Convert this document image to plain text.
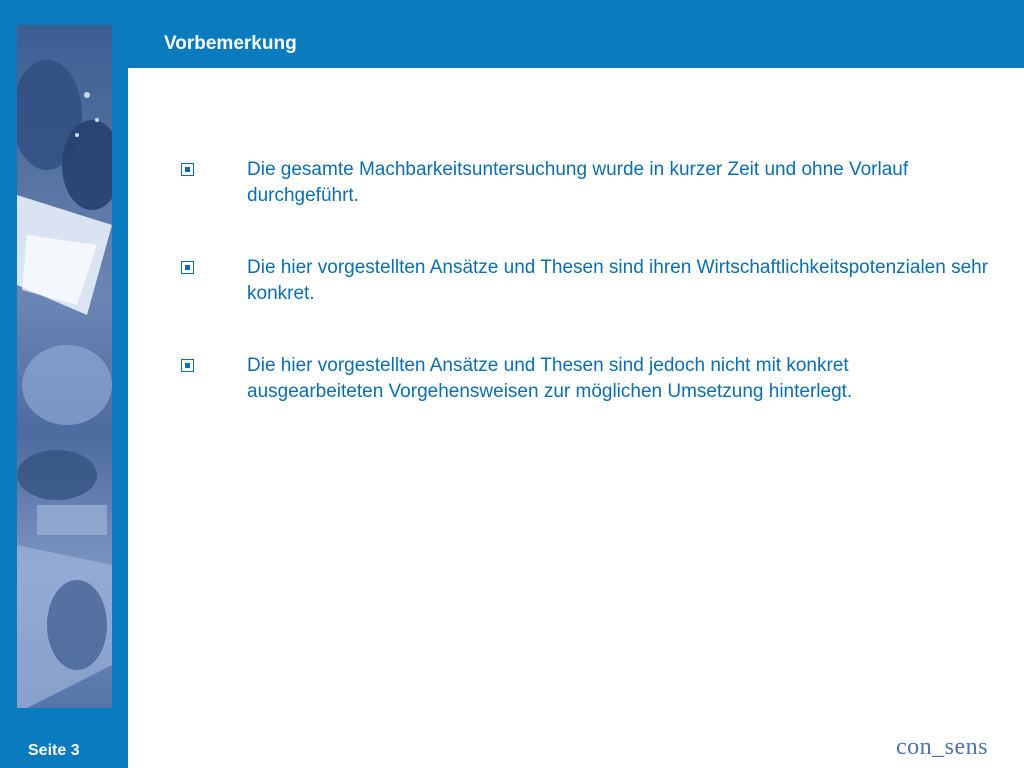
Vorbemerkung
Die gesamte Machbarkeitsuntersuchung wurde in kurzer Zeit und ohne Vorlauf durchgeführt.
Die hier vorgestellten Ansätze und Thesen sind ihren Wirtschaftlichkeitspotenzialen sehr konkret.
Die hier vorgestellten Ansätze und Thesen sind jedoch nicht mit konkret ausgearbeiteten Vorgehensweisen zur möglichen Umsetzung hinterlegt.
Seite 3	con_sens
